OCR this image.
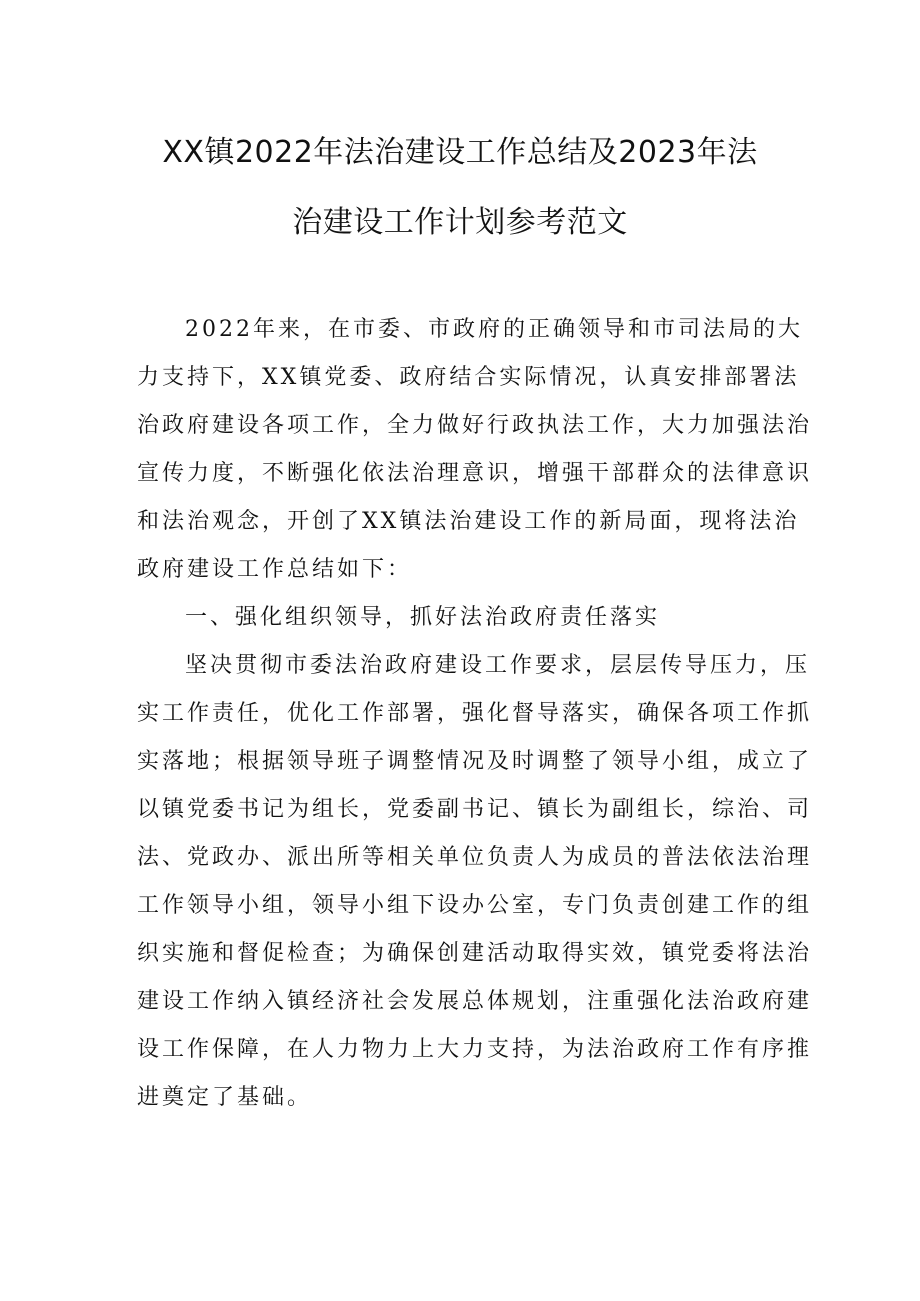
XX镇2022年法治建设工作总结及2023年法
治建设工作计划参考范文
2022年来，在市委、市政府的正确领导和市司法局的大
力支持下，XX镇党委、政府结合实际情况，认真安排部署法
治政府建设各项工作，全力做好行政执法工作，大力加强法治
宣传力度，不断强化依法治理意识，增强干部群众的法律意识
和法治观念，开创了XX镇法治建设工作的新局面，现将法治
政府建设工作总结如下：
一、强化组织领导，抓好法治政府责任落实
坚决贯彻市委法治政府建设工作要求，层层传导压力，压
实工作责任，优化工作部署，强化督导落实，确保各项工作抓
实落地；根据领导班子调整情况及时调整了领导小组，成立了
以镇党委书记为组长，党委副书记、镇长为副组长，综治、司
法、党政办、派出所等相关单位负责人为成员的普法依法治理
工作领导小组，领导小组下设办公室，专门负责创建工作的组
织实施和督促检查；为确保创建活动取得实效，镇党委将法治
建设工作纳入镇经济社会发展总体规划，注重强化法治政府建
设工作保障，在人力物力上大力支持，为法治政府工作有序推
进奠定了基础。
